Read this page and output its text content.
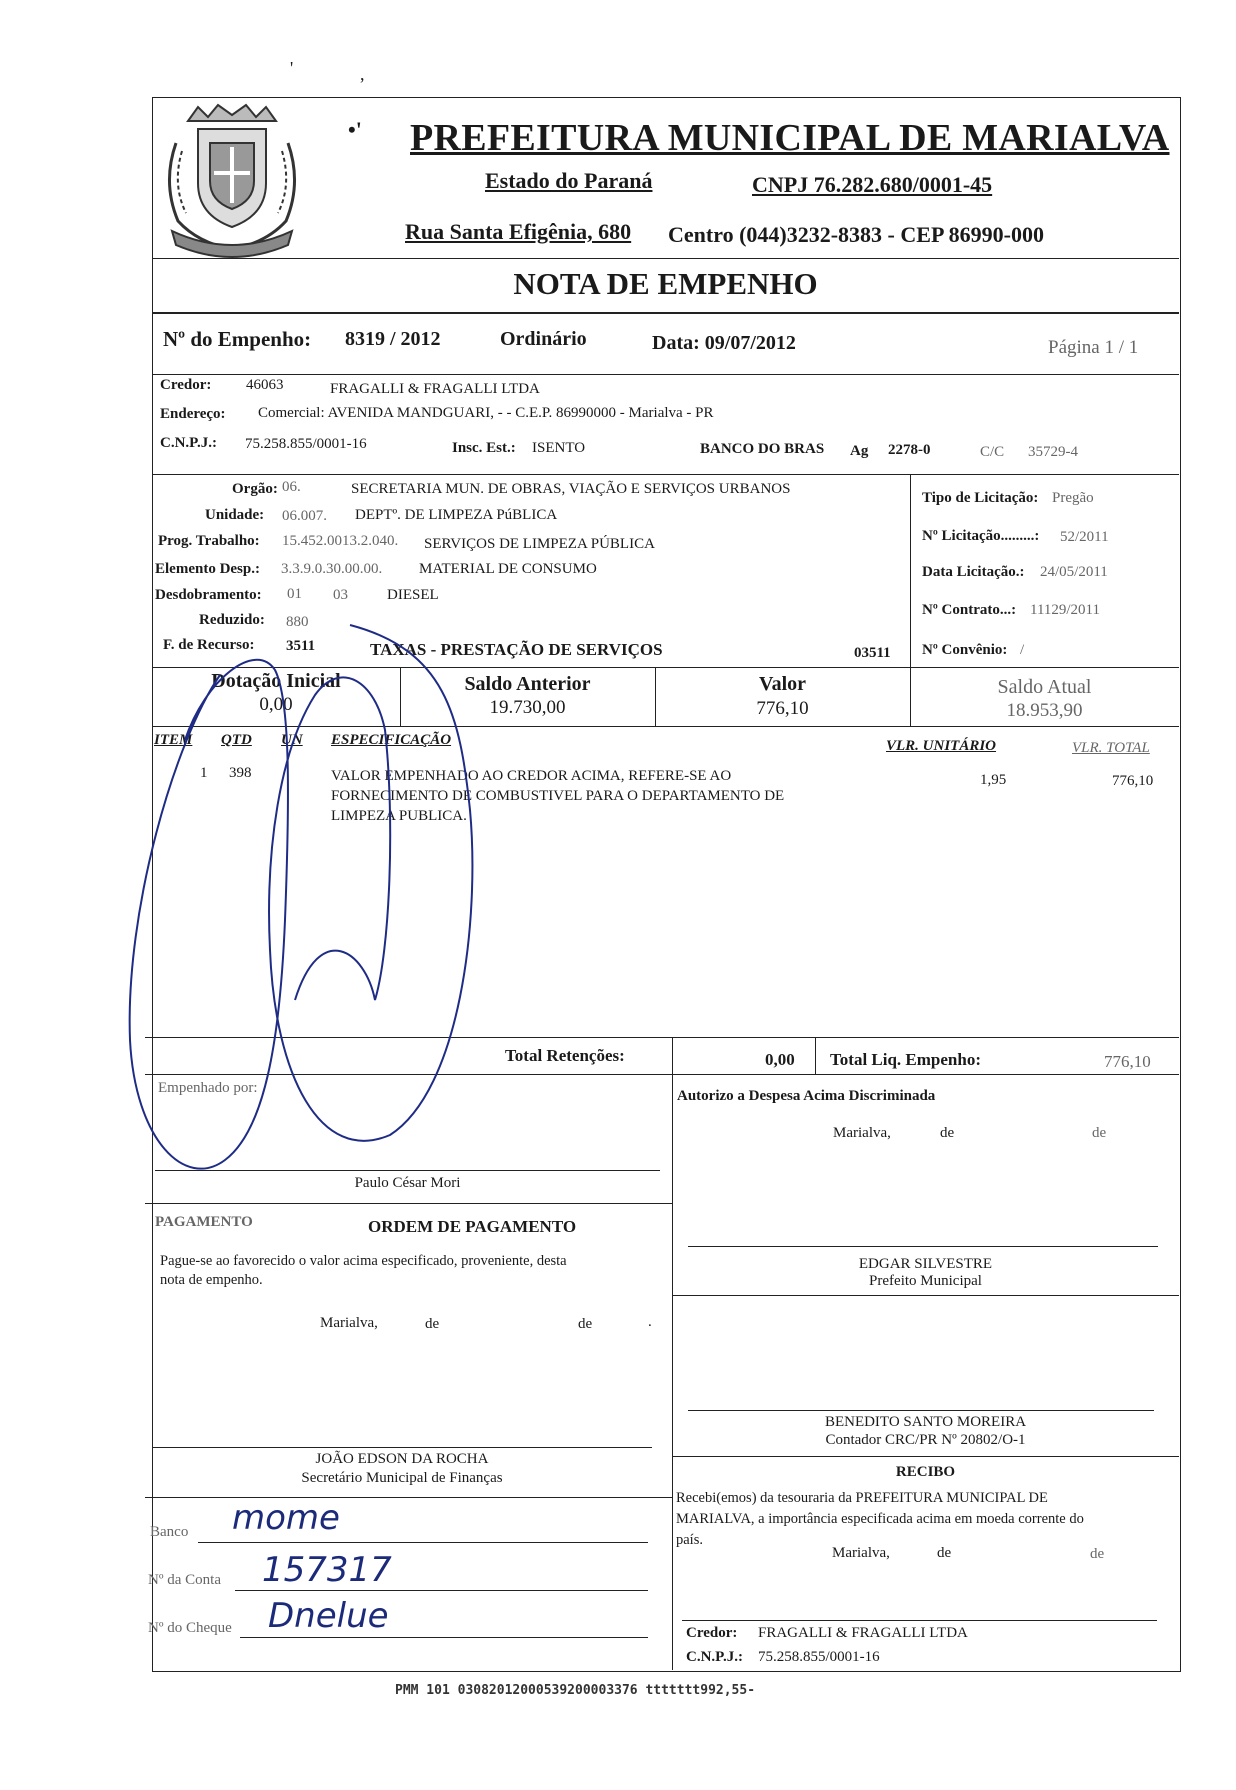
'	,
•' PREFEITURA MUNICIPAL DE MARIALVA
Estado do Paraná	CNPJ 76.282.680/0001-45
Rua Santa Efigênia, 680 Centro (044)3232-8383 - CEP 86990-000
NOTA DE EMPENHO
Nº do Empenho: 8319 / 2012	Ordinário	Data: 09/07/2012	Página 1 / 1
Credor: 46063	FRAGALLI & FRAGALLI LTDA
Endereço: Comercial: AVENIDA MANDGUARI, - - C.E.P. 86990000 - Marialva - PR
C.N.P.J.: 75.258.855/0001-16	Insc. Est.: ISENTO	BANCO DO BRAS Ag 2278-0	C/C 35729-4
Orgão: 06.	SECRETARIA MUN. DE OBRAS, VIAÇÃO E SERVIÇOS URBANOS
Unidade: 06.007. DEPTº. DE LIMPEZA PúBLICA
Prog. Trabalho: 15.452.0013.2.040. SERVIÇOS DE LIMPEZA PÚBLICA
Elemento Desp.: 3.3.9.0.30.00.00. MATERIAL DE CONSUMO
Desdobramento: 01 03	DIESEL
Reduzido: 880
F. de Recurso: 3511	TAXAS - PRESTAÇÃO DE SERVIÇOS	03511
Tipo de Licitação: Pregão
Nº Licitação.........: 52/2011
Data Licitação.: 24/05/2011
Nº Contrato...: 11129/2011
Nº Convênio: /
Dotação Inicial
0,00
Saldo Anterior
19.730,00
Valor
776,10
Saldo Atual
18.953,90
ITEM QTD UN ESPECIFICAÇÃO	VLR. UNITÁRIO	VLR. TOTAL
1 398	VALOR EMPENHADO AO CREDOR ACIMA, REFERE-SE AO
FORNECIMENTO DE COMBUSTIVEL PARA O DEPARTAMENTO DE
LIMPEZA PUBLICA.
1,95	776,10
Total Retenções:	0,00 Total Liq. Empenho:	776,10
Empenhado por:
Paulo César Mori
Autorizo a Despesa Acima Discriminada
Marialva,	de	de
PAGAMENTO	ORDEM DE PAGAMENTO
Pague-se ao favorecido o valor acima especificado, proveniente, desta
nota de empenho.
Marialva,	de	de	.
JOÃO EDSON DA ROCHA
Secretário Municipal de Finanças
EDGAR SILVESTRE
Prefeito Municipal
BENEDITO SANTO MOREIRA
Contador CRC/PR Nº 20802/O-1
RECIBO
Recebi(emos) da tesouraria da PREFEITURA MUNICIPAL DE
MARIALVA, a importância especificada acima em moeda corrente do
país.
Marialva,	de	de
Credor: FRAGALLI & FRAGALLI LTDA
C.N.P.J.: 75.258.855/0001-16
Banco mome
Nº da Conta 157317
Nº do Cheque Dnelue
PMM 101 03082012000539200003376 ttttttt992,55-
